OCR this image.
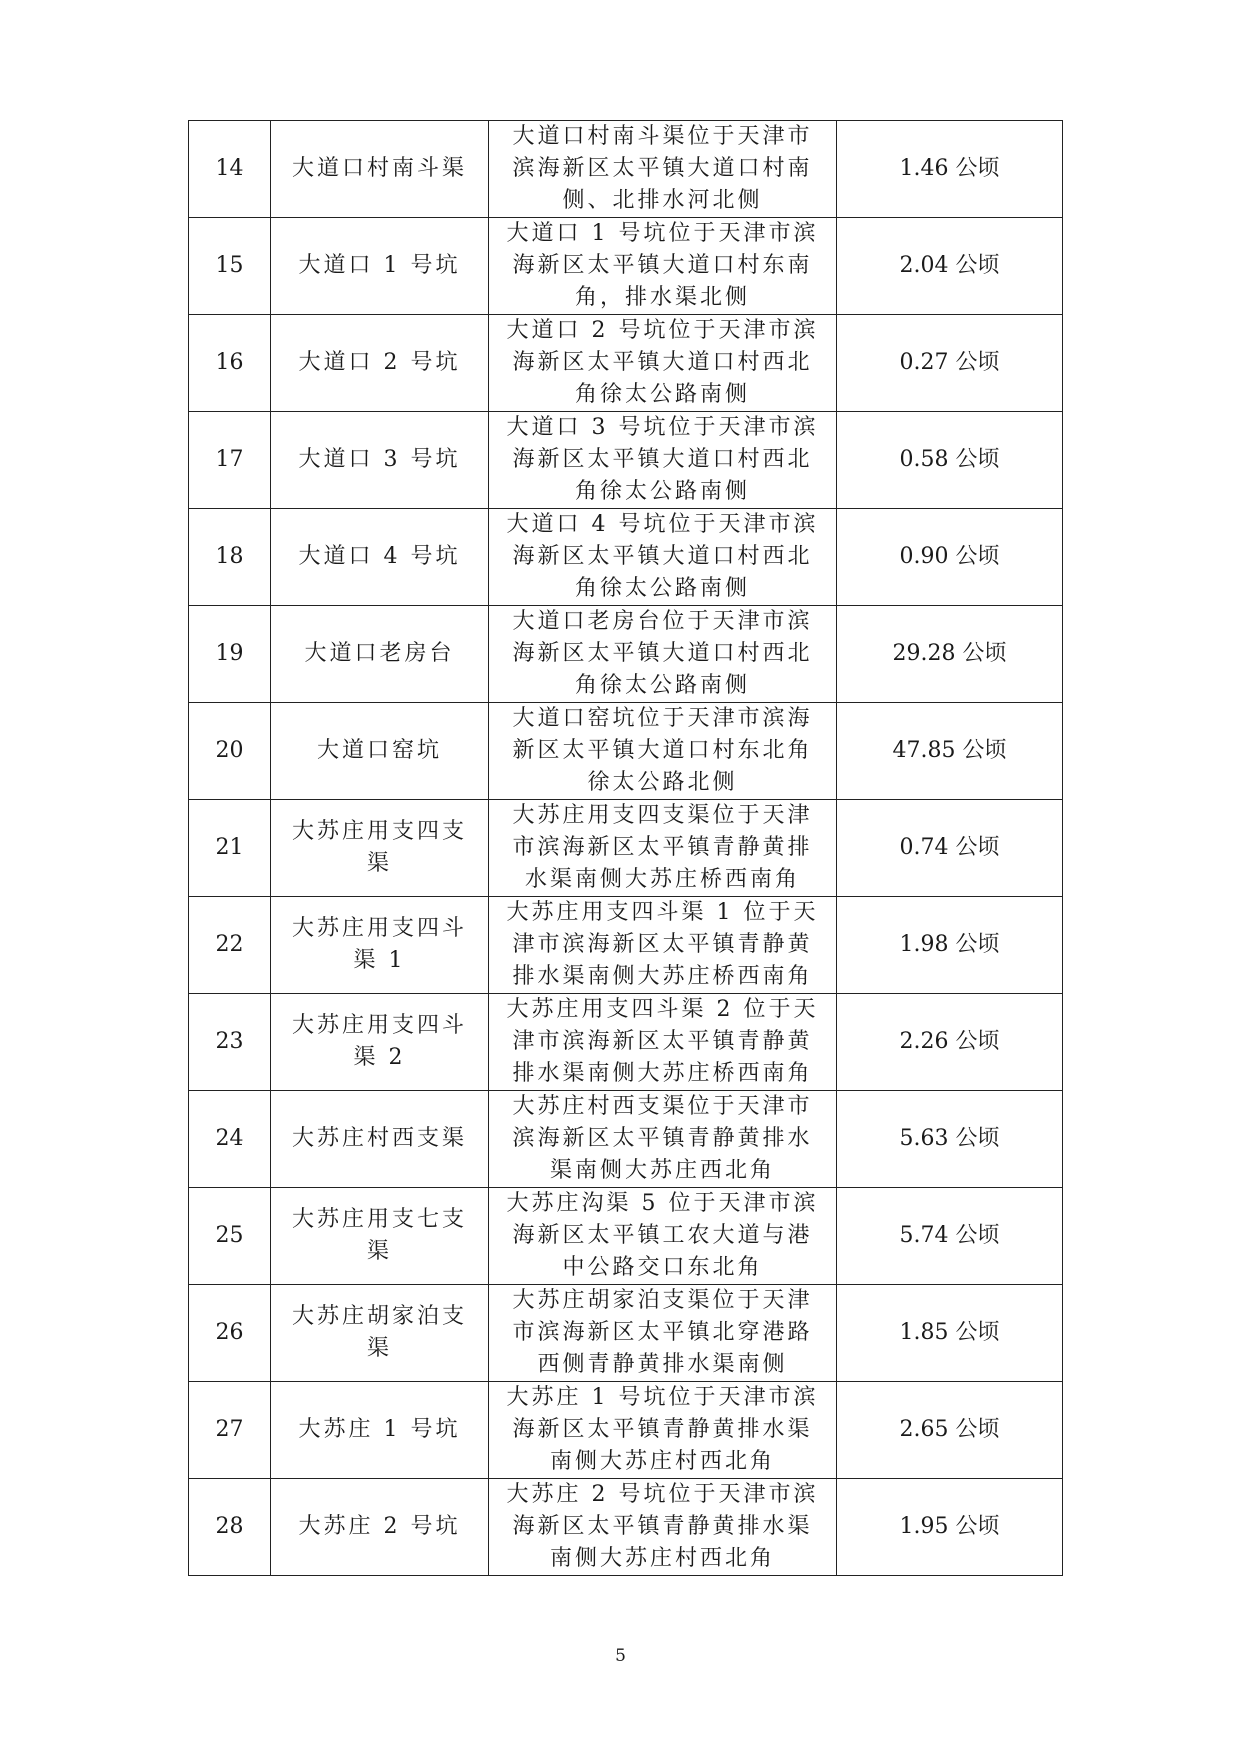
14	大道口村南斗渠	大道口村南斗渠位于天津市滨海新区太平镇大道口村南侧、北排水河北侧	1.46 公顷
15	大道口 1 号坑	大道口 1 号坑位于天津市滨海新区太平镇大道口村东南角，排水渠北侧	2.04 公顷
16	大道口 2 号坑	大道口 2 号坑位于天津市滨海新区太平镇大道口村西北角徐太公路南侧	0.27 公顷
17	大道口 3 号坑	大道口 3 号坑位于天津市滨海新区太平镇大道口村西北角徐太公路南侧	0.58 公顷
18	大道口 4 号坑	大道口 4 号坑位于天津市滨海新区太平镇大道口村西北角徐太公路南侧	0.90 公顷
19	大道口老房台	大道口老房台位于天津市滨海新区太平镇大道口村西北角徐太公路南侧	29.28 公顷
20	大道口窑坑	大道口窑坑位于天津市滨海新区太平镇大道口村东北角徐太公路北侧	47.85 公顷
21	大苏庄用支四支渠	大苏庄用支四支渠位于天津市滨海新区太平镇青静黄排水渠南侧大苏庄桥西南角	0.74 公顷
22	大苏庄用支四斗渠 1	大苏庄用支四斗渠 1 位于天津市滨海新区太平镇青静黄排水渠南侧大苏庄桥西南角	1.98 公顷
23	大苏庄用支四斗渠 2	大苏庄用支四斗渠 2 位于天津市滨海新区太平镇青静黄排水渠南侧大苏庄桥西南角	2.26 公顷
24	大苏庄村西支渠	大苏庄村西支渠位于天津市滨海新区太平镇青静黄排水渠南侧大苏庄西北角	5.63 公顷
25	大苏庄用支七支渠	大苏庄沟渠 5 位于天津市滨海新区太平镇工农大道与港中公路交口东北角	5.74 公顷
26	大苏庄胡家泊支渠	大苏庄胡家泊支渠位于天津市滨海新区太平镇北穿港路西侧青静黄排水渠南侧	1.85 公顷
27	大苏庄 1 号坑	大苏庄 1 号坑位于天津市滨海新区太平镇青静黄排水渠南侧大苏庄村西北角	2.65 公顷
28	大苏庄 2 号坑	大苏庄 2 号坑位于天津市滨海新区太平镇青静黄排水渠南侧大苏庄村西北角	1.95 公顷
5
